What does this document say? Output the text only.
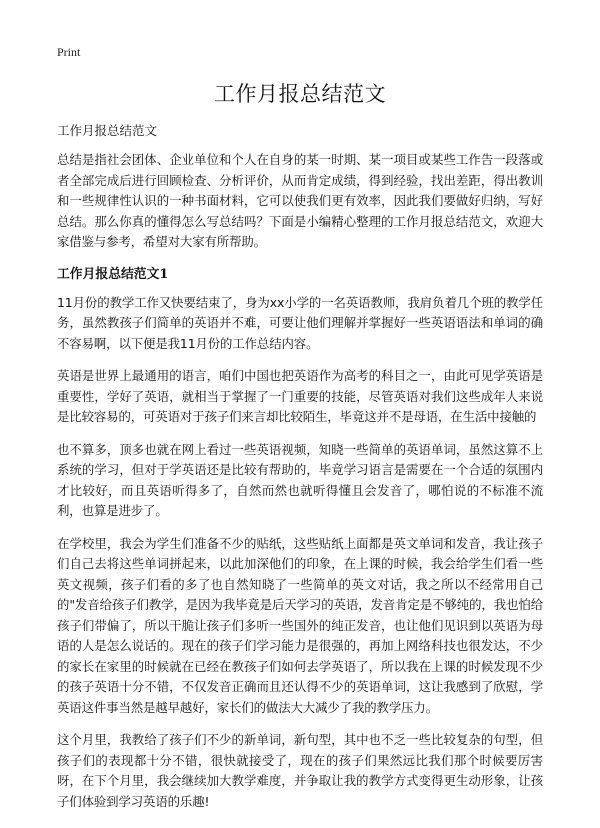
Print
工作月报总结范文
工作月报总结范文

总结是指社会团体、企业单位和个人在自身的某一时期、某一项目或某些工作告一段落或者全部完成后进行回顾检查、分析评价，从而肯定成绩，得到经验，找出差距，得出教训和一些规律性认识的一种书面材料，它可以使我们更有效率，因此我们要做好归纳，写好总结。那么你真的懂得怎么写总结吗？下面是小编精心整理的工作月报总结范文，欢迎大家借鉴与参考，希望对大家有所帮助。

工作月报总结范文1

11月份的教学工作又快要结束了，身为xx小学的一名英语教师，我肩负着几个班的教学任务，虽然教孩子们简单的英语并不难，可要让他们理解并掌握好一些英语语法和单词的确不容易啊，以下便是我11月份的工作总结内容。

英语是世界上最通用的语言，咱们中国也把英语作为高考的科目之一，由此可见学英语是重要性，学好了英语，就相当于掌握了一门重要的技能，尽管英语对我们这些成年人来说是比较容易的，可英语对于孩子们来言却比较陌生，毕竟这并不是母语，在生活中接触的

也不算多，顶多也就在网上看过一些英语视频，知晓一些简单的英语单词，虽然这算不上系统的学习，但对于学英语还是比较有帮助的，毕竟学习语言是需要在一个合适的氛围内才比较好，而且英语听得多了，自然而然也就听得懂且会发音了，哪怕说的不标准不流利，也算是进步了。

在学校里，我会为学生们准备不少的贴纸，这些贴纸上面都是英文单词和发音，我让孩子们自己去将这些单词拼起来，以此加深他们的印象，在上课的时候，我会给学生们看一些英文视频，孩子们看的多了也自然知晓了一些简单的英文对话，我之所以不经常用自己的"发音给孩子们教学，是因为我毕竟是后天学习的英语，发音肯定是不够纯的，我也怕给孩子们带偏了，所以干脆让孩子们多听一些国外的纯正发音，也让他们见识到以英语为母语的人是怎么说话的。现在的孩子们学习能力是很强的，再加上网络科技也很发达，不少的家长在家里的时候就在已经在教孩子们如何去学英语了，所以我在上课的时候发现不少的孩子英语十分不错，不仅发音正确而且还认得不少的英语单词，这让我感到了欣慰，学英语这件事当然是越早越好，家长们的做法大大减少了我的教学压力。

这个月里，我教给了孩子们不少的新单词，新句型，其中也不乏一些比较复杂的句型，但孩子们的表现都十分不错，很快就接受了，现在的孩子们果然远比我们那个时候要厉害呀，在下个月里，我会继续加大教学难度，并争取让我的教学方式变得更生动形象，让孩子们体验到学习英语的乐趣!
